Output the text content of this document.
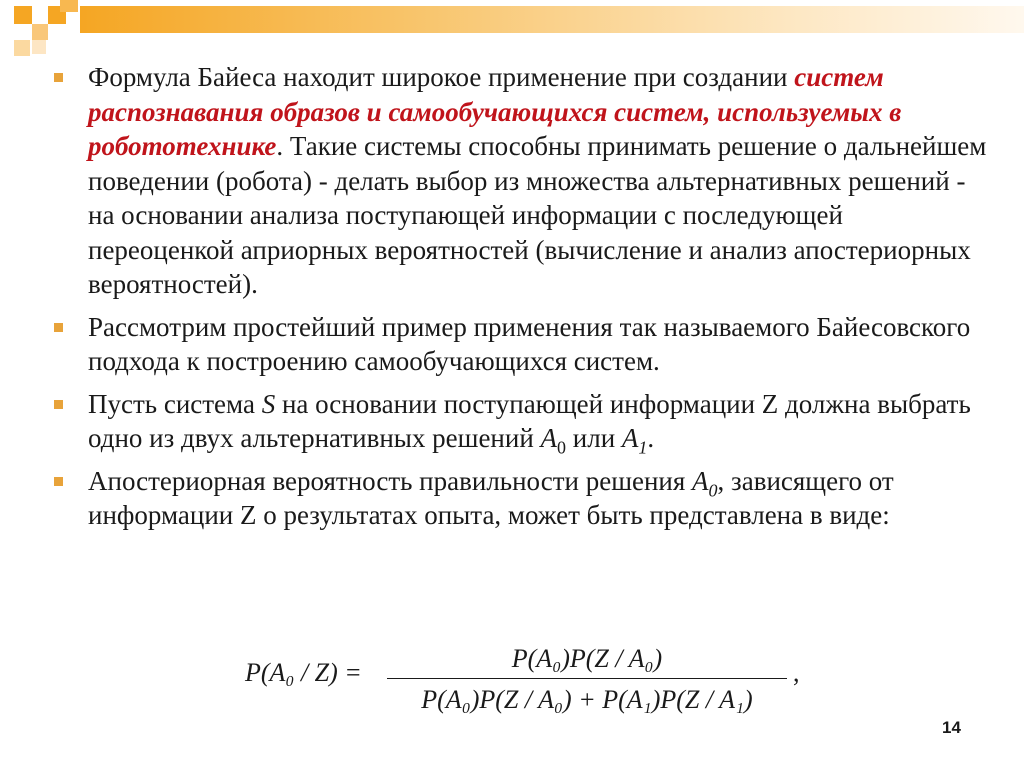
Формула Байеса находит широкое применение при создании систем распознавания образов и самообучающихся систем, используемых в робототехнике. Такие системы способны принимать решение о дальнейшем поведении (робота) - делать выбор из множества альтернативных решений - на основании анализа поступающей информации с последующей переоценкой априорных вероятностей (вычисление и анализ апостериорных вероятностей).
Рассмотрим простейший пример применения так называемого Байесовского подхода к построению самообучающихся систем.
Пусть система S на основании поступающей информации Z должна выбрать одно из двух альтернативных решений $A_0$ или $A_1$.
Апостериорная вероятность правильности решения $A_0$, зависящего от информации Z о результатах опыта, может быть представлена в виде:
P(A₀ / Z) =	P(A₀)P(Z / A₀)
P(A₀)P(Z / A₀) + P(A₁)P(Z / A₁)
,
14
